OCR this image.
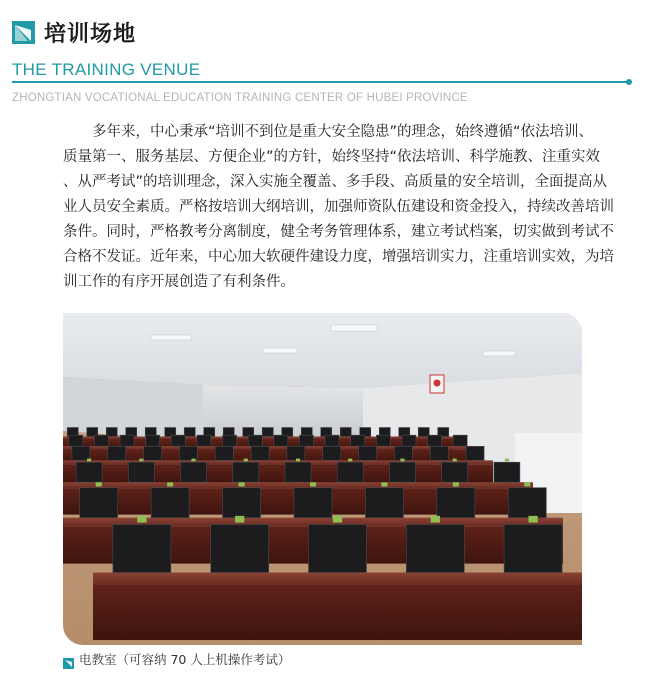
培训场地
THE TRAINING VENUE
ZHONGTIAN VOCATIONAL EDUCATION TRAINING CENTER OF HUBEI PROVINCE
多年来，中心秉承“培训不到位是重大安全隐患”的理念，始终遵循“依法培训、
质量第一、服务基层、方便企业”的方针，始终坚持“依法培训、科学施教、注重实效
、从严考试”的培训理念，深入实施全覆盖、多手段、高质量的安全培训，全面提高从
业人员安全素质。严格按培训大纲培训，加强师资队伍建设和资金投入，持续改善培训
条件。同时，严格教考分离制度，健全考务管理体系，建立考试档案，切实做到考试不
合格不发证。近年来，中心加大软硬件建设力度，增强培训实力，注重培训实效，为培
训工作的有序开展创造了有利条件。
电教室（可容纳 70 人上机操作考试）
